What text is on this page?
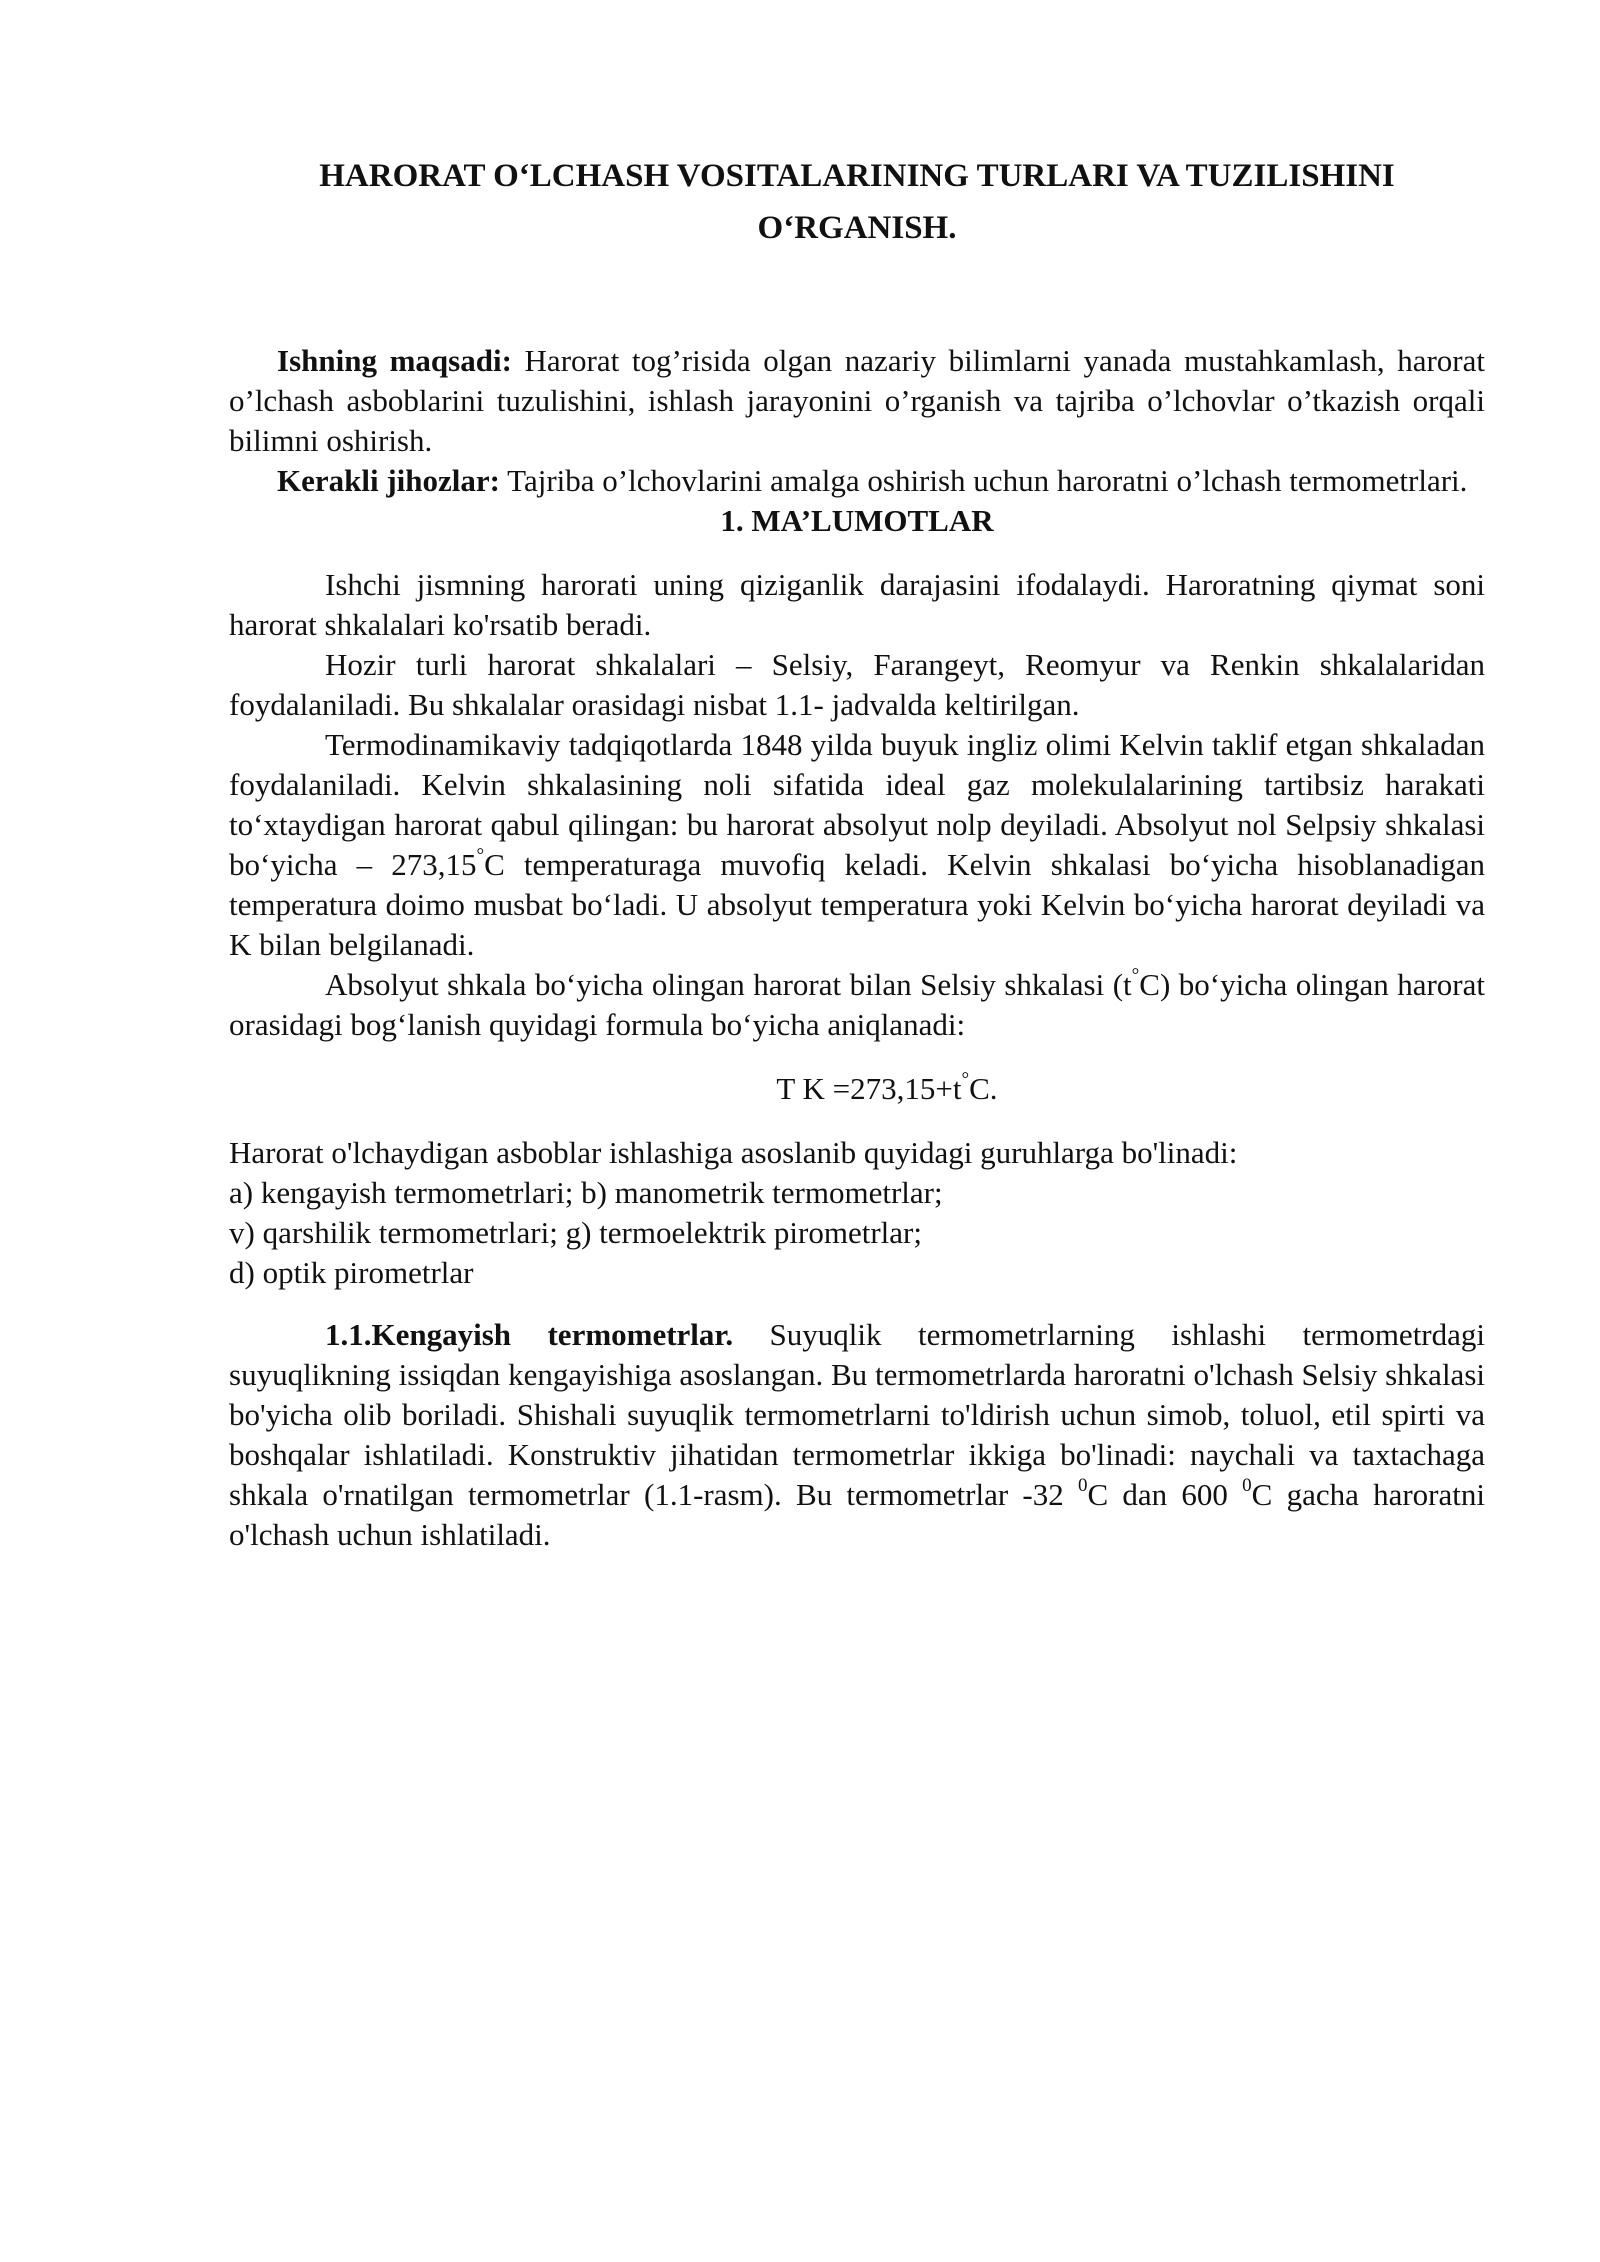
HARORAT O‘LCHASH VOSITALARINING TURLARI VA TUZILISHINI O‘RGANISH.

Ishning maqsadi: Harorat tog’risida olgan nazariy bilimlarni yanada mustahkamlash, harorat o’lchash asboblarini tuzulishini, ishlash jarayonini o’rganish va tajriba o’lchovlar o’tkazish orqali bilimni oshirish.

Kerakli jihozlar: Tajriba o’lchovlarini amalga oshirish uchun haroratni o’lchash termometrlari.

1. MA’LUMOTLAR

Ishchi jismning harorati uning qiziganlik darajasini ifodalaydi. Haroratning qiymat soni harorat shkalalari ko'rsatib beradi.

Hozir turli harorat shkalalari – Selsiy, Farangeyt, Reomyur va Renkin shkalalaridan foydalaniladi. Bu shkalalar orasidagi nisbat 1.1- jadvalda keltirilgan.

Termodinamikaviy tadqiqotlarda 1848 yilda buyuk ingliz olimi Kelvin taklif etgan shkaladan foydalaniladi. Kelvin shkalasining noli sifatida ideal gaz molekulalarining tartibsiz harakati to‘xtaydigan harorat qabul qilingan: bu harorat absolyut nolp deyiladi. Absolyut nol Selpsiy shkalasi bo‘yicha – 273,15°C temperaturaga muvofiq keladi. Kelvin shkalasi bo‘yicha hisoblanadigan temperatura doimo musbat bo‘ladi. U absolyut temperatura yoki Kelvin bo‘yicha harorat deyiladi va K bilan belgilanadi.

Absolyut shkala bo‘yicha olingan harorat bilan Selsiy shkalasi (t°C) bo‘yicha olingan harorat orasidagi bog‘lanish quyidagi formula bo‘yicha aniqlanadi:

T K =273,15+t°C.
Harorat o'lchaydigan asboblar ishlashiga asoslanib quyidagi guruhlarga bo'linadi:
a) kengayish termometrlari; b) manometrik termometrlar;
v) qarshilik termometrlari; g) termoelektrik pirometrlar;
d) optik pirometrlar

1.1.Kengayish termometrlar. Suyuqlik termometrlarning ishlashi termometrdagi suyuqlikning issiqdan kengayishiga asoslangan. Bu termometrlarda haroratni o'lchash Selsiy shkalasi bo'yicha olib boriladi. Shishali suyuqlik termometrlarni to'ldirish uchun simob, toluol, etil spirti va boshqalar ishlatiladi. Konstruktiv jihatidan termometrlar ikkiga bo'linadi: naychali va taxtachaga shkala o'rnatilgan termometrlar (1.1-rasm). Bu termometrlar -32 $^0$C dan 600 $^0$C gacha haroratni o'lchash uchun ishlatiladi.
